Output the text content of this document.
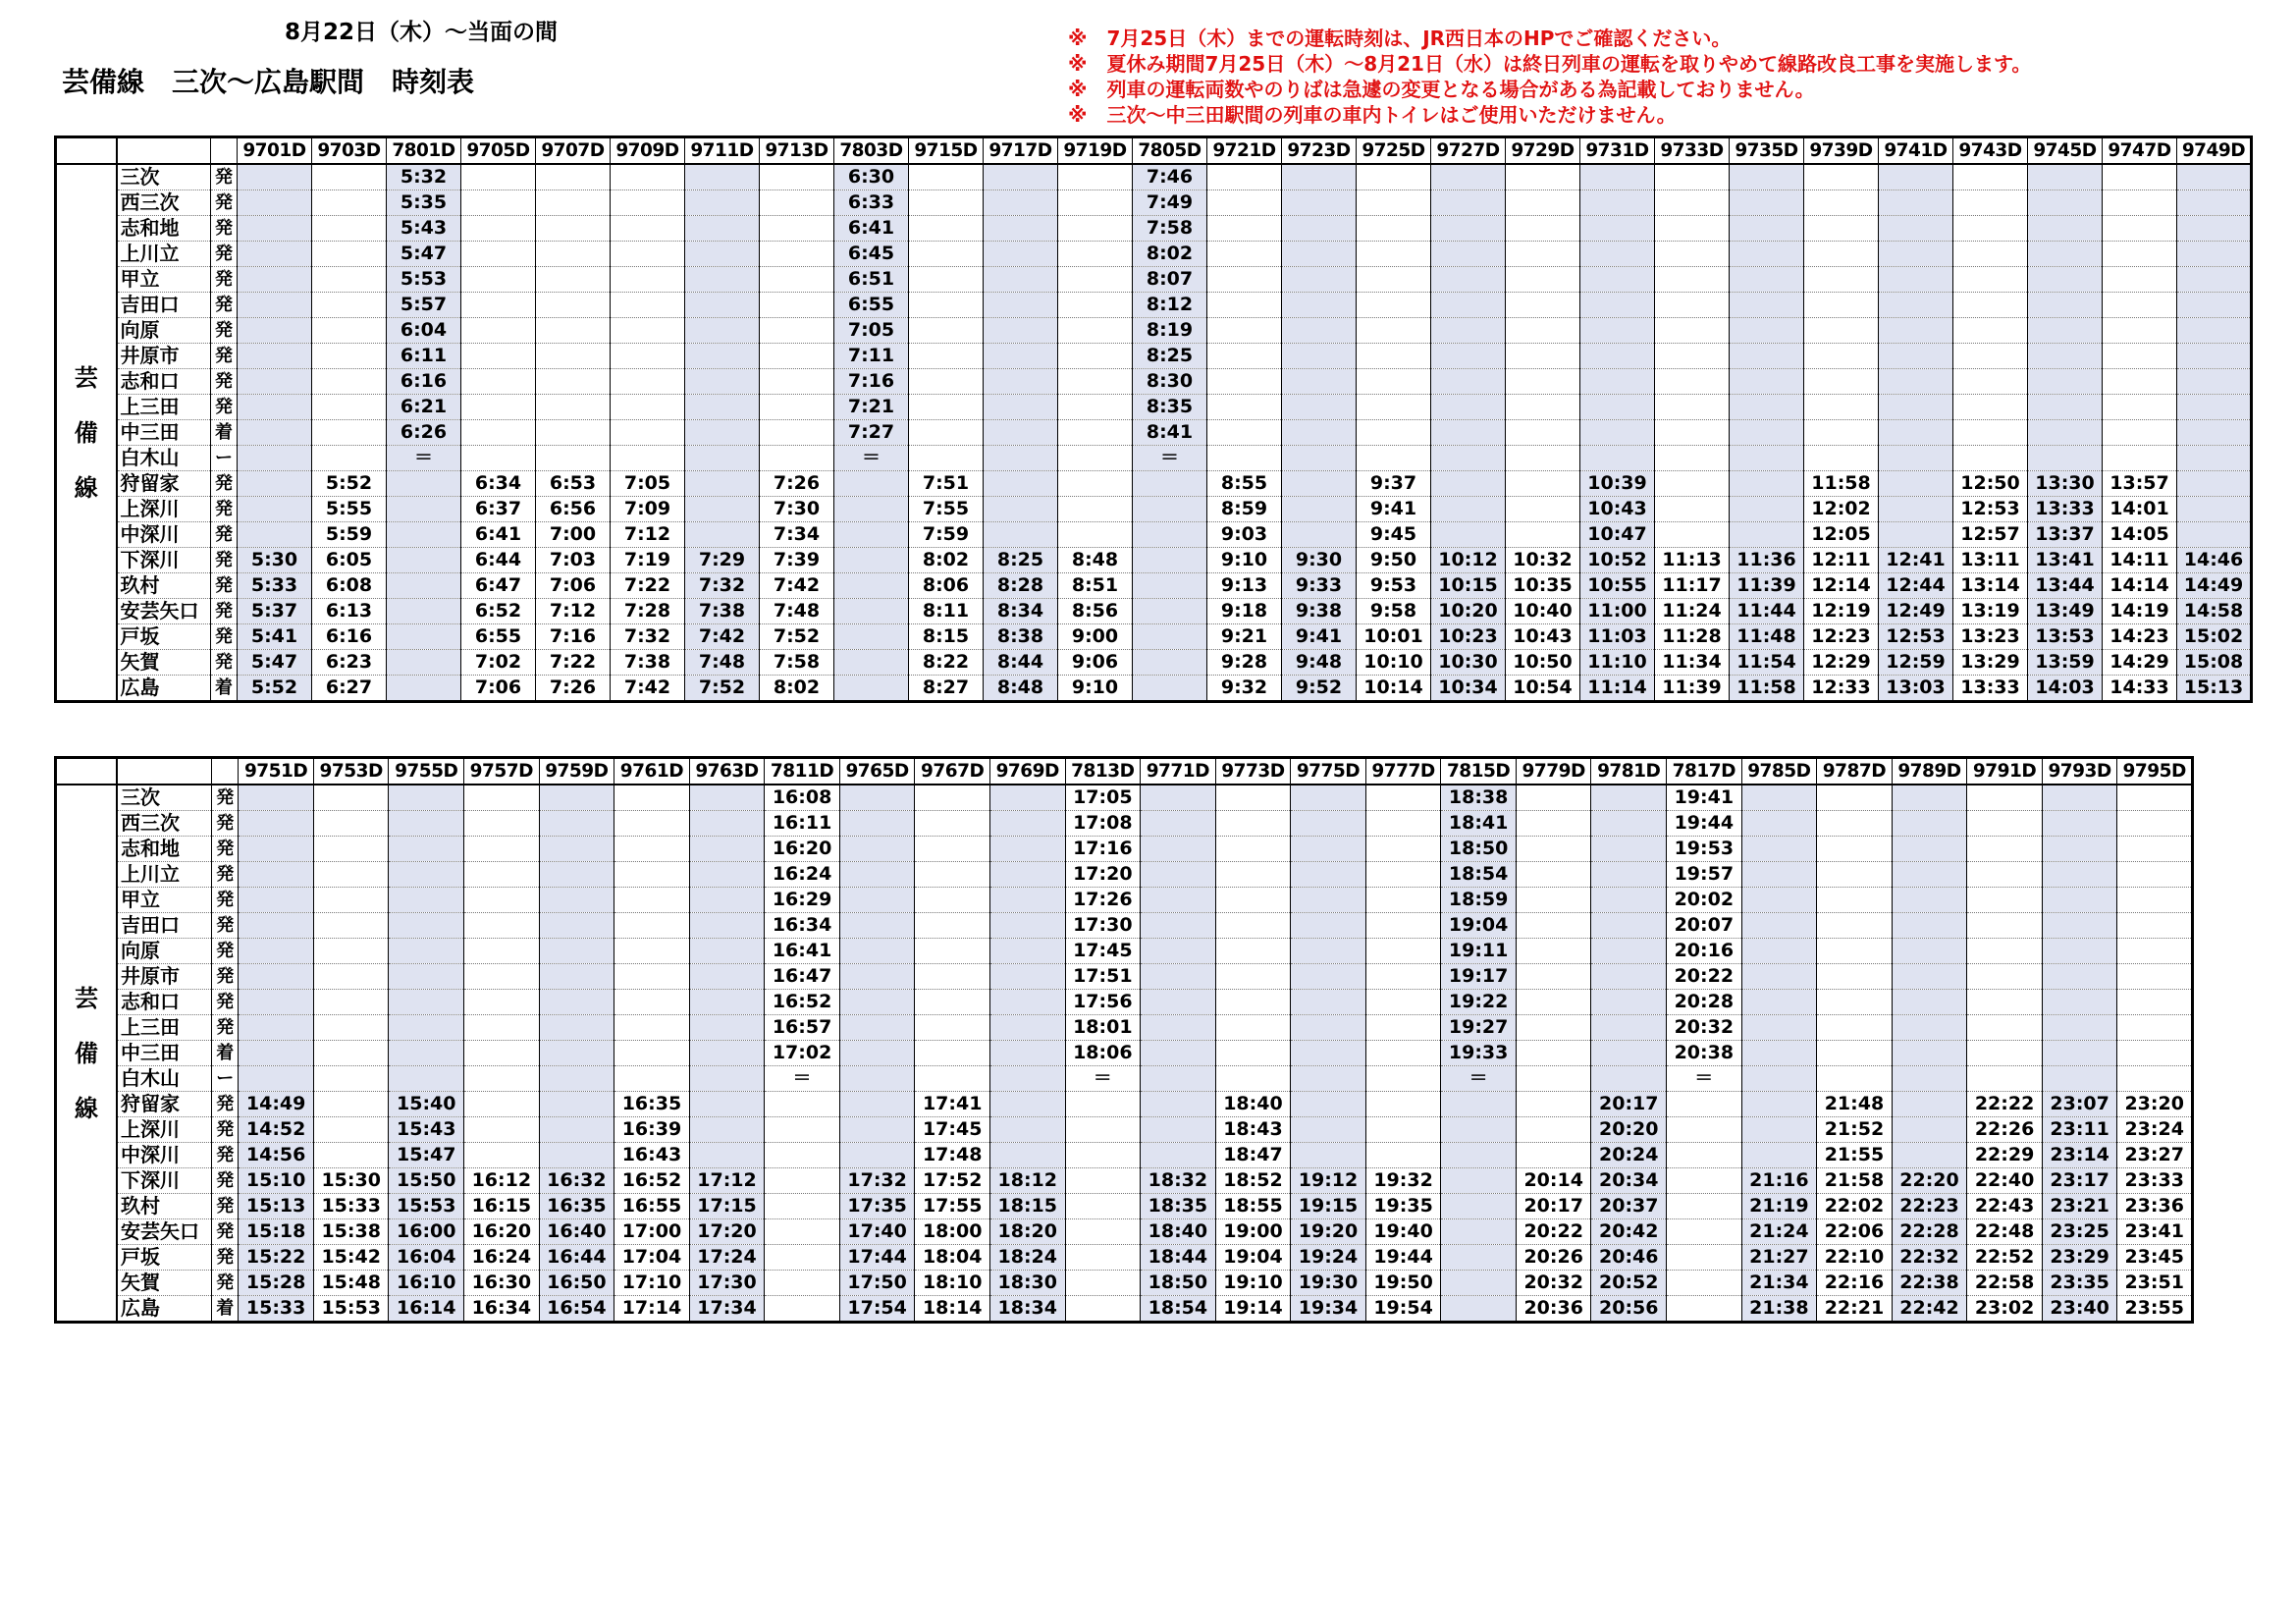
8月22日（木）～当面の間
芸備線　三次～広島駅間　時刻表
※　7月25日（木）までの運転時刻は、JR西日本のHPでご確認ください。
※　夏休み期間7月25日（木）～8月21日（水）は終日列車の運転を取りやめて線路改良工事を実施します。
※　列車の運転両数やのりばは急遽の変更となる場合がある為記載しておりません。
※　三次～中三田駅間の列車の車内トイレはご使用いただけません。
			9701D	9703D	7801D	9705D	9707D	9709D	9711D	9713D	7803D	9715D	9717D	9719D	7805D	9721D	9723D	9725D	9727D	9729D	9731D	9733D	9735D	9739D	9741D	9743D	9745D	9747D	9749D

芸備線	三次	発			5:32						6:30				7:46														
	西三次	発			5:35						6:33				7:49														
	志和地	発			5:43						6:41				7:58														
	上川立	発			5:47						6:45				8:02														
	甲立	発			5:53						6:51				8:07														
	吉田口	発			5:57						6:55				8:12														
	向原	発			6:04						7:05				8:19														
	井原市	発			6:11						7:11				8:25														
	志和口	発			6:16						7:16				8:30														
	上三田	発			6:21						7:21				8:35														
	中三田	着			6:26						7:27				8:41														
	白木山	ー			＝						＝				＝														
	狩留家	発		5:52		6:34	6:53	7:05		7:26		7:51				8:55		9:37			10:39			11:58		12:50	13:30	13:57	
	上深川	発		5:55		6:37	6:56	7:09		7:30		7:55				8:59		9:41			10:43			12:02		12:53	13:33	14:01	
	中深川	発		5:59		6:41	7:00	7:12		7:34		7:59				9:03		9:45			10:47			12:05		12:57	13:37	14:05	
	下深川	発	5:30	6:05		6:44	7:03	7:19	7:29	7:39		8:02	8:25	8:48		9:10	9:30	9:50	10:12	10:32	10:52	11:13	11:36	12:11	12:41	13:11	13:41	14:11	14:46
	玖村	発	5:33	6:08		6:47	7:06	7:22	7:32	7:42		8:06	8:28	8:51		9:13	9:33	9:53	10:15	10:35	10:55	11:17	11:39	12:14	12:44	13:14	13:44	14:14	14:49
	安芸矢口	発	5:37	6:13		6:52	7:12	7:28	7:38	7:48		8:11	8:34	8:56		9:18	9:38	9:58	10:20	10:40	11:00	11:24	11:44	12:19	12:49	13:19	13:49	14:19	14:58
	戸坂	発	5:41	6:16		6:55	7:16	7:32	7:42	7:52		8:15	8:38	9:00		9:21	9:41	10:01	10:23	10:43	11:03	11:28	11:48	12:23	12:53	13:23	13:53	14:23	15:02
	矢賀	発	5:47	6:23		7:02	7:22	7:38	7:48	7:58		8:22	8:44	9:06		9:28	9:48	10:10	10:30	10:50	11:10	11:34	11:54	12:29	12:59	13:29	13:59	14:29	15:08
	広島	着	5:52	6:27		7:06	7:26	7:42	7:52	8:02		8:27	8:48	9:10		9:32	9:52	10:14	10:34	10:54	11:14	11:39	11:58	12:33	13:03	13:33	14:03	14:33	15:13
			9751D	9753D	9755D	9757D	9759D	9761D	9763D	7811D	9765D	9767D	9769D	7813D	9771D	9773D	9775D	9777D	7815D	9779D	9781D	7817D	9785D	9787D	9789D	9791D	9793D	9795D

芸備線	三次	発								16:08				17:05					18:38			19:41						
	西三次	発								16:11				17:08					18:41			19:44						
	志和地	発								16:20				17:16					18:50			19:53						
	上川立	発								16:24				17:20					18:54			19:57						
	甲立	発								16:29				17:26					18:59			20:02						
	吉田口	発								16:34				17:30					19:04			20:07						
	向原	発								16:41				17:45					19:11			20:16						
	井原市	発								16:47				17:51					19:17			20:22						
	志和口	発								16:52				17:56					19:22			20:28						
	上三田	発								16:57				18:01					19:27			20:32						
	中三田	着								17:02				18:06					19:33			20:38						
	白木山	ー								＝				＝					＝			＝						
	狩留家	発	14:49		15:40			16:35				17:41				18:40					20:17			21:48		22:22	23:07	23:20
	上深川	発	14:52		15:43			16:39				17:45				18:43					20:20			21:52		22:26	23:11	23:24
	中深川	発	14:56		15:47			16:43				17:48				18:47					20:24			21:55		22:29	23:14	23:27
	下深川	発	15:10	15:30	15:50	16:12	16:32	16:52	17:12		17:32	17:52	18:12		18:32	18:52	19:12	19:32		20:14	20:34		21:16	21:58	22:20	22:40	23:17	23:33
	玖村	発	15:13	15:33	15:53	16:15	16:35	16:55	17:15		17:35	17:55	18:15		18:35	18:55	19:15	19:35		20:17	20:37		21:19	22:02	22:23	22:43	23:21	23:36
	安芸矢口	発	15:18	15:38	16:00	16:20	16:40	17:00	17:20		17:40	18:00	18:20		18:40	19:00	19:20	19:40		20:22	20:42		21:24	22:06	22:28	22:48	23:25	23:41
	戸坂	発	15:22	15:42	16:04	16:24	16:44	17:04	17:24		17:44	18:04	18:24		18:44	19:04	19:24	19:44		20:26	20:46		21:27	22:10	22:32	22:52	23:29	23:45
	矢賀	発	15:28	15:48	16:10	16:30	16:50	17:10	17:30		17:50	18:10	18:30		18:50	19:10	19:30	19:50		20:32	20:52		21:34	22:16	22:38	22:58	23:35	23:51
	広島	着	15:33	15:53	16:14	16:34	16:54	17:14	17:34		17:54	18:14	18:34		18:54	19:14	19:34	19:54		20:36	20:56		21:38	22:21	22:42	23:02	23:40	23:55
